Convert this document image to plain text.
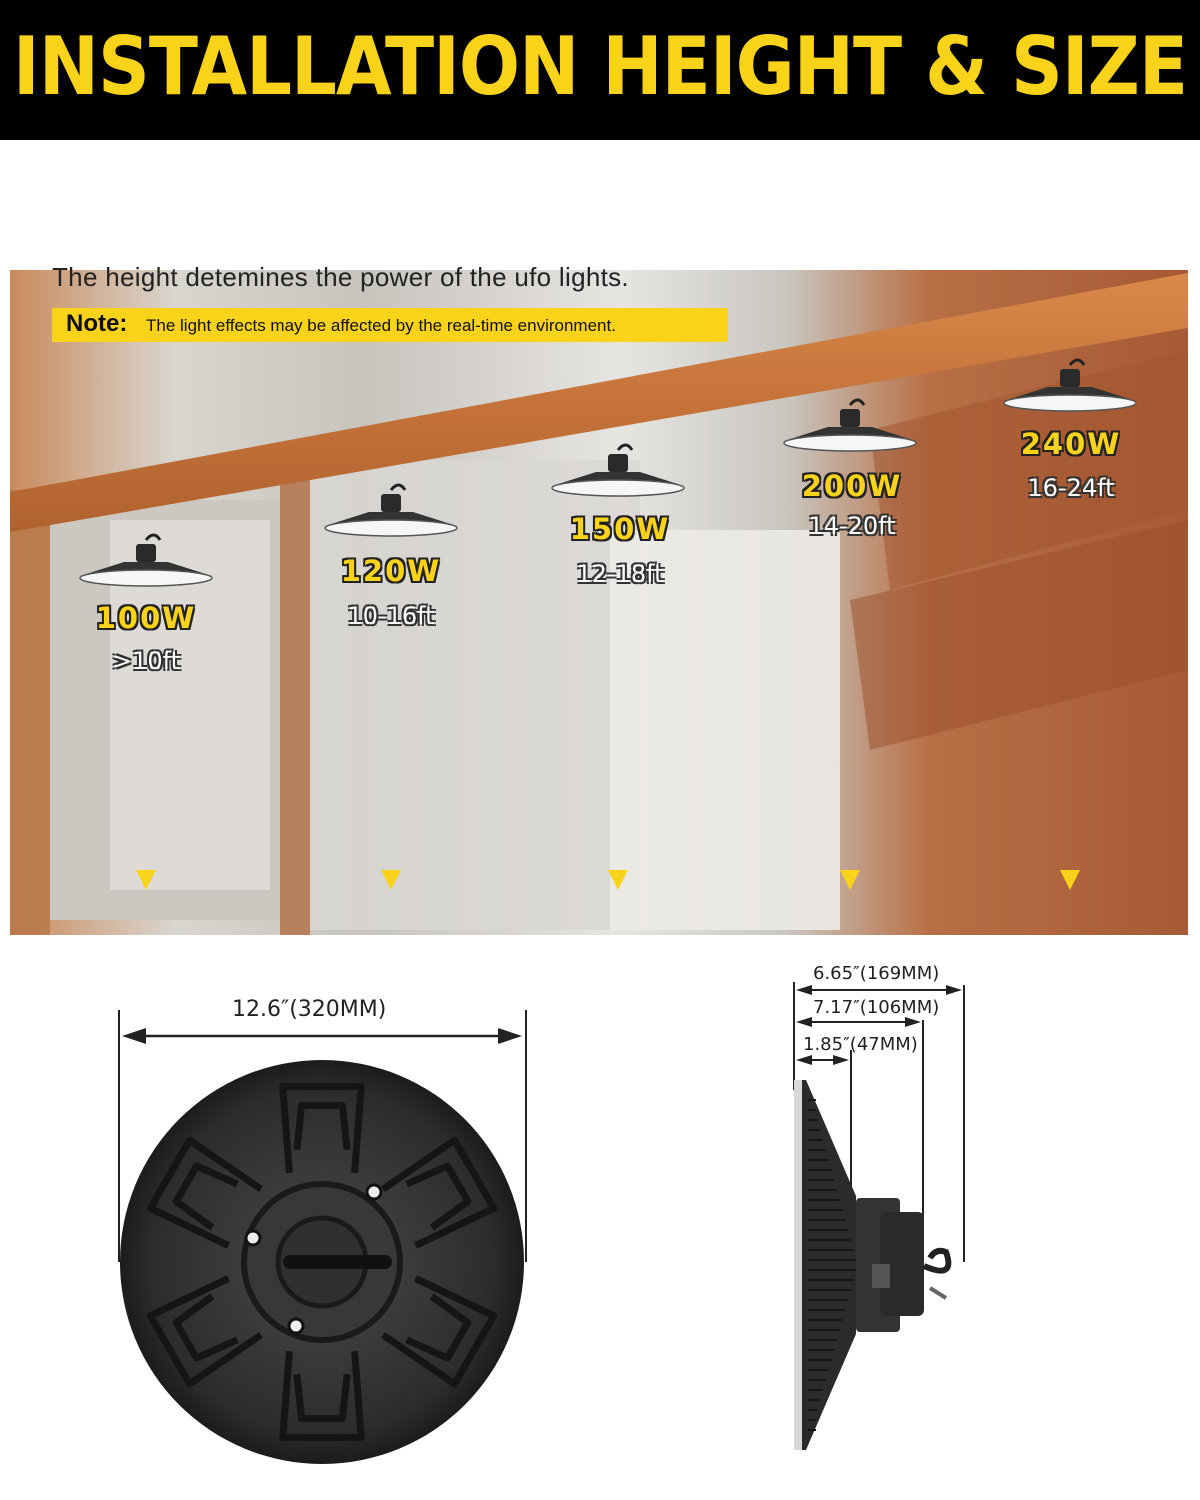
INSTALLATION HEIGHT & SIZE
The height detemines the power of the ufo lights.
Note: The light effects may be affected by the real-time environment.
100W
>10ft
120W
10-16ft
150W
12-18ft
200W
14-20ft
240W
16-24ft
12.6″(320MM)
6.65″(169MM)
7.17″(106MM)
1.85″(47MM)
